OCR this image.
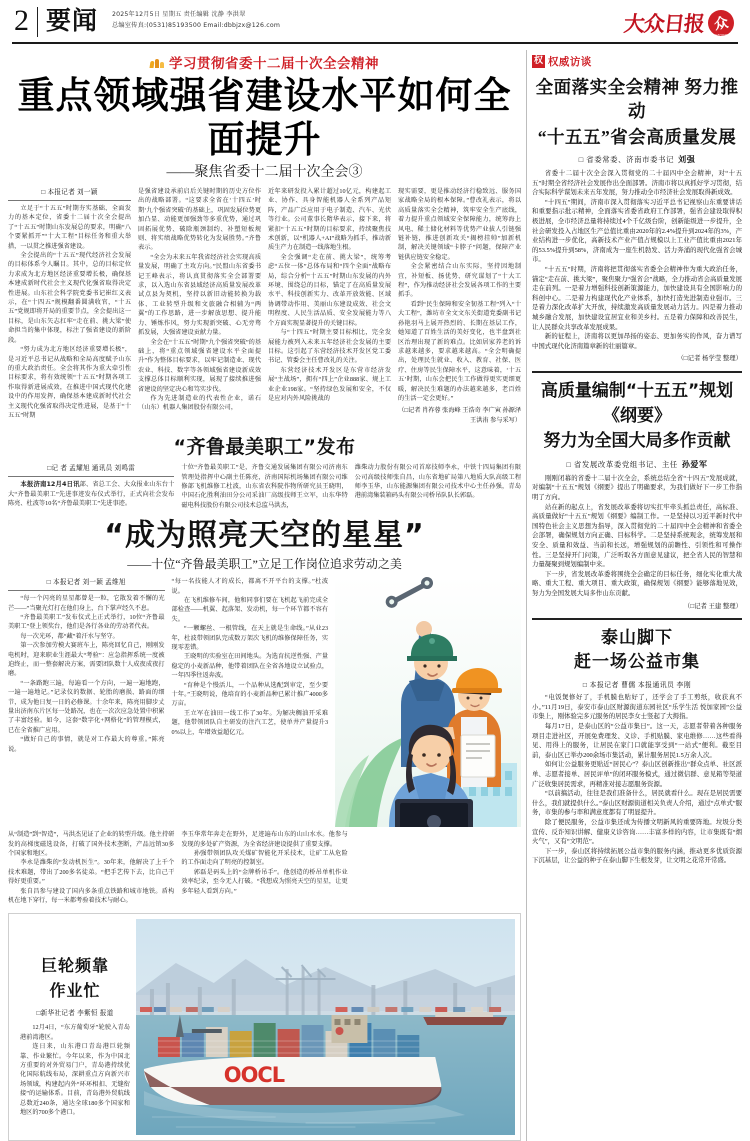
2 要闻	2025年12月5日 星期五 责任编辑 沈静 李洪翠
总编室传真:(0531)85193500 Email:dbbjzx@126.com	大众日报 众
DAZHONG
学习贯彻省委十二届十次全会精神
重点领域强省建设水平如何全面提升
——聚焦省委十二届十次全会③
□ 本报记者 刘一颖

立足于“十五五”时期夯实基础、全面发力的基本定位，省委十二届十次全会提出了“十五五”时期山东发展总的要求，明确“八个要紧抓开”“十大工程”目标任务和重大举措，一以贯之推进强省建设。

全会提出的“十五五”现代经济社会发展的目标体系令人瞩目。其中，总的目标定位力求成为北方地区经济重要增长极，确保基本建成新时代社会主义现代化强省取得决定性进展。山东社会科学院党委书记崔红义表示，在“十四五”规模翻番圆满收官，“十五五”党规即将开局的重要节点，全会提出这一目标，是山东矢志扛牢“走在前、挑大梁”使命担当的集中体现，标注了强省建设的新阶段。

“努力成为北方地区经济重要增长极”，是习近平总书记从战略和全局高度赋予山东的重大政治责任。全会将其作为重大牵引性目标要求，将有效统领“十五五”时期各项工作取得新进展成效，在推进中国式现代化建设中的作用发挥，确保基本建成新时代社会主义现代化强省取得决定性进展，是基于“十五五”时期

是强省建设承前启后关键时期的历史方位作出的战略部署。“这要求全省在‘十四五’时期‘九个强省突破’的基础上，巩固发展位势更加凸显、动能更加强劲等多重优势，通过巩固拓展优势、破除瓶颈制约、补塑短板规则、将实绩战略优势转化为发展胜势。”齐鲁表示。

“全会为未来五年我省经济社会实现高质量发展，明确了主攻方向。”民盟山东省委书记王峰表示，将认真贯彻落实全会部署要求，以入选山东省县域经济高质量发展改革试点县为契机，坚持以新旧动能转换为载体、工业转型升级和文旅融合相辅为“两翼”的工作思路，进一步解放思想、提升能力、锤炼作风，努力实现新突破、心无旁骛抓发展，大强省建设贡献力量。

全会在“十五五”时期“九个强省突破”的基础上，将“重点领域强省建设水平全面提升”作为整体目标要求，以牢记制造业、现代农业、科技、数字等各领域强省建设新成效支撑总体目标顺利实现，展现了接续推进强省建设的坚定决心和笃实步伐。

作为先进制造业的代表性企业，诺石（山东）机器人集团股份有限公司，

近年来研发投入累计超过10亿元，构建起工业、协作、具身智能机器人全系列产品矩阵，产品广泛应用于电子制造、汽车、光伏等行业。公司董事长隋华表示，接下来，将紧扣“十五五”时期的目标要求，持续聚焦技术创新，以“机器人+AI”战略为抓手，推动新质生产力在制造一线落地生根。

全会强调“走在前、挑大梁”，统筹考虑“五位一体”总体布局和“四个全面”战略布局，综合分析“十五五”时期山东发展的内外环境、围绕总的目标，锚定了在高质量发展水平、科技创新实力、改革开放效能、区域协调带动作用、美丽山东建设成效、社会文明程度、人民生活品质、安全发展能力等八个方面实现显著提升的关键目标。

与“十四五”时期主要目标相比，完全发展能力被列入未来五年经济社会发展的主要目标。这引起了东营经济技术开发区党工委书记、管委会主任曹改礼的关注。

东营经济技术开发区是东营市经济发展“主战场”，拥有“四上”企业888家、规上工业企业198家。“坚持绿色发展和安全，不仅是应对内外风险挑战的

现实需要，更是推动经济行稳致远、服务国家战略全局的根本保障。”曹改礼表示，将以高质量落实全会精神，筑牢安全生产底线，着力提升重点领域安全保障能力，统筹海上风电、稀土储化材料等优势产业拔人引链强链补链，推进创新攻关“揭榜挂帅”加新机制，解决关键领域“卡脖子”问题，保障产业链供应链安全稳定。

全会紧密结合山东实际，坚持因地制宜，补短板、扬优势、研究谋划了“十大工程”，作为推动经济社会发展各项工作的主要抓手。

看到“民生保障和安全韧基工程”列入“十大工程”，潍坊市全文文东关街道党委副书记孙艳羽马上展开热烈的、长期在基层工作，她知道了百姓生活的美好变化，也半盘到社区治理出现了新的难点。比如居家养老的诉求越来越多，要求越来越高。“全会明确提出，处理民生就业、收入、教育、社保、医疗、住房等民生保障水平，这意味着，‘十五五’时期，山东会把民生工作做得更实更细更暖，解决民生难题的办法越来越多，老百姓的生活一定会更好。”

（□记者 肖祚蓉 张海峰 王浩奇 李广寅 孙源泽 王洪洧 参与采写）

“齐鲁最美职工”发布
□记 者 孟耀旭 通讯员 刘鸣雷

本报济南12月4日讯部、省总工会、大众报业山东台十大“齐鲁最美职工”先进事迹发布仪式举行，正式向社会发布陈亮、杜波等10名“齐鲁最美职工”先进事迹。

十位“齐鲁最美职工”是，齐鲁交通发展集团有限公司济南东管理处指挥中心副主任陈亮，济南国际机场集团有限公司维修部飞机维修工杜波，山东省农科院作物所研究员王晓明，中国石化胜利油田分公司采油厂高级技师王立军，山东华特磁电科技股份有限公司技术总监马洪杰，

潍柴动力股份有限公司首席技师李永，中铁十四局集团有限公司高级技师张自昌，山东省地矿局第八地质大队高级工程师李玉华，山东能源集团有限公司技术中心主任孙强，青岛港前湾集装箱码头有限公司桥吊队队长郭磊。

“成为照亮天空的星星”
——十位“齐鲁最美职工”立足工作岗位追求劳动之美
□ 本报记者 刘一颖 孟维旭

“每一个闪亮的星星都曾是一粒，它散发着不懈的光芒——”当聚光灯打在他们身上，台下掌声经久不息。

“齐鲁最美职工”发布仪式上正式举行，10位“齐鲁最美职工”登上领奖台，他们是各行各业的劳动者代表。

每一次光环，都“藏”着汗水与坚守。

第一次参加劳模大赛班车上，陈亮回忆自己，刚刚发电机时，迎来职业生涯最大“考验”：应急指挥系统一度被迫终止，而一整套解决方案，需要团队数十人成夜成夜打磨。

“一条路跑三遍，每遍看一个方向，一遍一遍地跑，一遍一遍地记。”记录仪的数据、轮胎的磨损、路面的细节，成为他日复一日的必修课。十余年来，陈亮用脚步丈量出济南东片区每一处路况，也在一次次应急处置中积累了丰富经验。如今，这套“数字化+网格化”的管理模式，已在全省推广应用。

“做好自己的事情，就是对工作最大的尊重。”陈亮说。

“每一名技能人才的成长，都离不开平台的支撑。”杜波说。

在飞机维修车间，他和同事们要在飞机起飞前完成全部检查——机翼、起落架、发动机，每一个环节都不容有失。

“一颗螺丝、一根管线，在天上就是生命线。”从业23年，杜波带领团队完成数万架次飞机的维修保障任务，实现零差错。

王晓明的实验室在田间地头。为选育抗逆性强、产量稳定的小麦新品种，他带着团队在全省各地设立试验点，一年四季往返奔波。

“育种是个慢活儿，一个品种从选配到审定，至少要十年。”王晓明说，他培育的小麦新品种已累计推广4000多万亩。

王立军在油田一线工作了30年。为解决稠油开采难题，他带领团队自主研发的注汽工艺，使单井产量提升30%以上，年增效益超亿元。

从“制造”到“智造”，马洪杰见证了企业的转型升级。他主持研发的高梯度磁选设备，打破了国外技术垄断，产品远销30多个国家和地区。

李永是潍柴的“发动机医生”。30年来，他解决了上千个技术难题，带出了200多名徒弟。“把手艺传下去，比自己干得好更重要。”

张自昌参与建设了国内多条重点铁路和城市地铁。盾构机在地下穿行，每一米都考验着技术与耐心。

李玉华常年奔走在野外，足迹遍布山东的山山水水。他参与发现的多处矿产资源，为全省经济建设提供了重要支撑。

孙强带领团队攻关煤矿智能化开采技术，让矿工从危险的工作面走向了明亮的控制室。

郭磊是码头上的“金牌桥吊手”。他创造的桥吊单机作业效率纪录，至今无人打破。“我想成为照亮天空的星星，让更多年轻人看到方向。”

巨轮频靠
作业忙
□新华社记者 李紫恒 报道

12月4日，“东方葡萄牙”轮驶入青岛港前湾港区。

连日来，山东港口青岛港巨轮频靠、作业繁忙。今年以来，作为中国北方重要的对外贸易门户，青岛港持续优化国际航线布局，深耕重点方向新兴市场领域，构建起内外“环环相扣、无缝衔接”的运输体系。目前，青岛港外贸航线总数近240条，通达全球180多个国家和地区的700多个港口。

OOCL
权 权威访谈
全面落实全会精神 努力推动
“十五五”省会高质量发展
□ 省委常委、济南市委书记 刘强

省委十二届十次全会深入贯彻党的二十届四中全会精神，对“十五五”时期全省经济社会发展作出全面部署。济南市将以真抓好学习贯彻，结合实际科学谋划未来五年发展，努力推动全市经济社会发展取得新成效。

“十四五”期间，济南市深入贯彻落实习近平总书记视察山东重要讲话和重要指示批示精神，全面落实省委省政府工作部署，强省会建设取得积极进展，全市经济总量将持续过4个千亿级台阶，创新能级进一步提升，全社会研发投入占地区生产总值比重由2020年的2.4%提升到2024年的3%，产业结构进一步优化，高新技术产业产值占规模以上工业产值比重由2021年的53.5%提升到58%，济南成为一座生机勃发、活力奔涌的现代化强省会城市。

“十五五”时期，济南将把贯彻落实省委全会精神作为重大政治任务，锚定“走在前、挑大梁”，聚焦聚力“强省会”战略，全力推动省会高质量发展走在前列。一是着力增强科技创新策源能力，加快建设具有全国影响力的科创中心。二是着力构建现代化产业体系，加快打造先进制造业强市。三是着力深化改革扩大开放，持续激发高质量发展动力活力。四是着力推动城乡融合发展，加快建设宜居宜业和美乡村。五是着力保障和改善民生，让人民群众共享改革发展成果。

新的征程上，济南将以更加昂扬的姿态、更加务实的作风，奋力谱写中国式现代化济南篇章新的壮丽篇章。

（□记者 杨学莹 整理）

高质量编制“十五五”规划《纲要》
努力为全国大局多作贡献
□ 省发展改革委党组书记、主任 孙爱军

刚刚闭幕的省委十二届十次全会，系统总结全省“十四五”发展成就，对编制“十五五”规划《纲要》提出了明确要求，为我们做好下一步工作指明了方向。

站在新的起点上，省发展改革委将切实扛牢牵头抓总责任，高标准、高质量做好“十五五”规划《纲要》编制工作。一是坚持以习近平新时代中国特色社会主义思想为指导，深入贯彻党的二十届四中全会精神和省委全会部署，确保规划方向正确、目标科学。二是坚持系统观念，统筹发展和安全、质量和效益、当前和长远，增强规划的前瞻性、引领性和可操作性。三是坚持开门问策，广泛听取各方面意见建议，把全省人民的智慧和力量凝聚到规划编制中来。

下一步，省发展改革委将围绕全会确定的目标任务，细化实化重大战略、重大工程、重大项目、重大政策，确保规划《纲要》能够落地见效，努力为全国发展大局多作山东贡献。

（□记者 王建 整理）

泰山脚下
赶一场公益市集
□ 本报记者 曹儒 本报通讯员 李刚

“电饭煲修好了，手机膜也贴好了，还学会了手工剪纸，收获真不小。”11月19日，泰安市泰山区财源街道东园社区“乐学生活 悦加家园”公益市集上，刚体验完多元服务的居民李女士竖起了大拇指。

每月17日，是泰山区的“公益市集日”。这一天，志愿者带着各种服务项目走进社区，开展免费理发、义诊、手机贴膜、家电维修……这些看得见、用得上的服务，让居民在家门口就能享受到“一站式”便利。截至目前，泰山区已举办200余场市集活动，累计服务居民1.5万余人次。

如何让公益服务更贴近“居民心”？泰山区创新推出“群众点单、社区派单、志愿者接单、居民评单”的闭环服务模式，通过微信群、意见箱等渠道广泛收集居民需求，再精准对接志愿服务资源。

“以前搞活动，往往是我们准备什么，居民就看什么。现在是居民需要什么，我们就提供什么。”泰山区财源街道相关负责人介绍，通过“点单式”服务，市集的参与率和满意度都有了明显提升。

除了便民服务，公益市集还成为传播文明新风的重要阵地。垃圾分类宣传、反诈知识讲解、健康义诊咨询……丰富多样的内容，让市集既有“烟火气”，又有“文明范”。

下一步，泰山区将持续拓展公益市集的服务内涵，推动更多优质资源下沉基层，让公益的种子在泰山脚下生根发芽，让文明之花常开常盛。
